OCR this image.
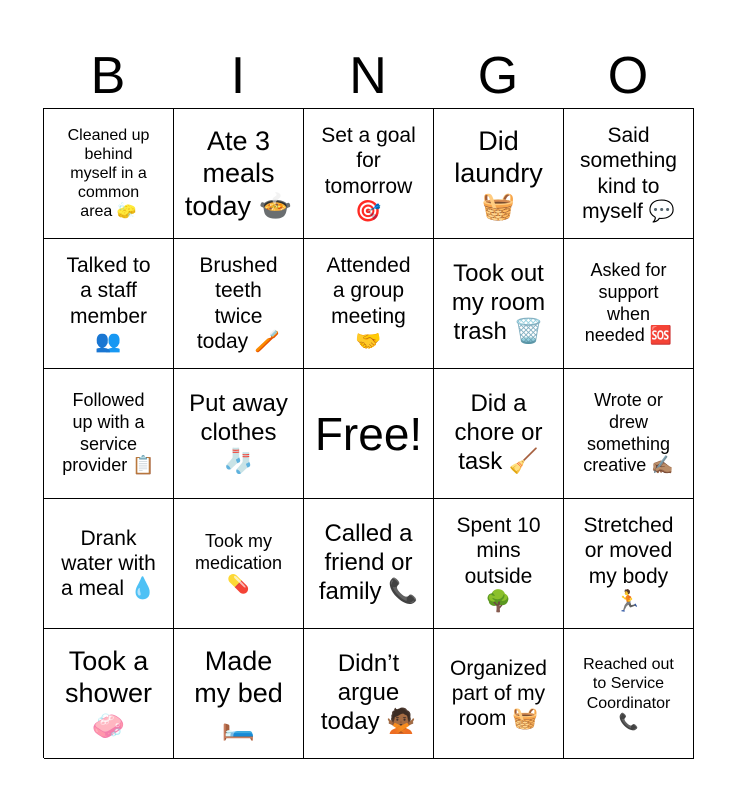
B	I	N	G	O
Cleaned up
behind
myself in a
common
area 🧽
Ate 3
meals
today 🍲
Set a goal
for
tomorrow
🎯
Did
laundry
🧺
Said
something
kind to
myself 💬
Talked to
a staff
member
👥
Brushed
teeth
twice
today 🪥
Attended
a group
meeting
🤝
Took out
my room
trash 🗑️
Asked for
support
when
needed 🆘
Followed
up with a
service
provider 📋
Put away
clothes
🧦
Free!
Did a
chore or
task 🧹
Wrote or
drew
something
creative ✍🏽
Drank
water with
a meal 💧
Took my
medication
💊
Called a
friend or
family 📞
Spent 10
mins
outside
🌳
Stretched
or moved
my body
🏃
Took a
shower
🧼
Made
my bed
🛏️
Didn’t
argue
today 🙅🏾
Organized
part of my
room 🧺
Reached out
to Service
Coordinator
📞
